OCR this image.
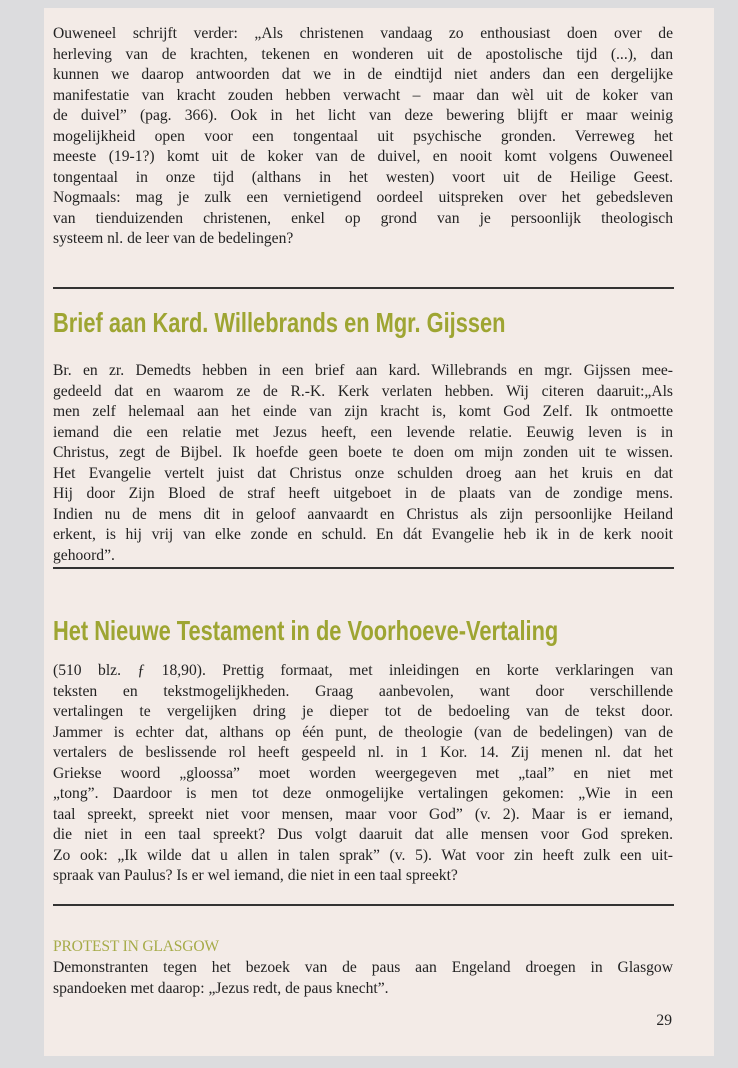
Ouweneel schrijft verder: „Als christenen vandaag zo enthousiast doen over de
herleving van de krachten, tekenen en wonderen uit de apostolische tijd (...), dan
kunnen we daarop antwoorden dat we in de eindtijd niet anders dan een dergelijke
manifestatie van kracht zouden hebben verwacht – maar dan wèl uit de koker van
de duivel” (pag. 366). Ook in het licht van deze bewering blijft er maar weinig
mogelijkheid open voor een tongentaal uit psychische gronden. Verreweg het
meeste (19-1?) komt uit de koker van de duivel, en nooit komt volgens Ouweneel
tongentaal in onze tijd (althans in het westen) voort uit de Heilige Geest.
Nogmaals: mag je zulk een vernietigend oordeel uitspreken over het gebedsleven
van tienduizenden christenen, enkel op grond van je persoonlijk theologisch
systeem nl. de leer van de bedelingen?
Brief aan Kard. Willebrands en Mgr. Gijssen
Br. en zr. Demedts hebben in een brief aan kard. Willebrands en mgr. Gijssen mee-
gedeeld dat en waarom ze de R.-K. Kerk verlaten hebben. Wij citeren daaruit:„Als
men zelf helemaal aan het einde van zijn kracht is, komt God Zelf. Ik ontmoette
iemand die een relatie met Jezus heeft, een levende relatie. Eeuwig leven is in
Christus, zegt de Bijbel. Ik hoefde geen boete te doen om mijn zonden uit te wissen.
Het Evangelie vertelt juist dat Christus onze schulden droeg aan het kruis en dat
Hij door Zijn Bloed de straf heeft uitgeboet in de plaats van de zondige mens.
Indien nu de mens dit in geloof aanvaardt en Christus als zijn persoonlijke Heiland
erkent, is hij vrij van elke zonde en schuld. En dát Evangelie heb ik in de kerk nooit
gehoord”.
Het Nieuwe Testament in de Voorhoeve-Vertaling
(510 blz. ƒ 18,90). Prettig formaat, met inleidingen en korte verklaringen van
teksten en tekstmogelijkheden. Graag aanbevolen, want door verschillende
vertalingen te vergelijken dring je dieper tot de bedoeling van de tekst door.
Jammer is echter dat, althans op één punt, de theologie (van de bedelingen) van de
vertalers de beslissende rol heeft gespeeld nl. in 1 Kor. 14. Zij menen nl. dat het
Griekse woord „gloossa” moet worden weergegeven met „taal” en niet met
„tong”. Daardoor is men tot deze onmogelijke vertalingen gekomen: „Wie in een
taal spreekt, spreekt niet voor mensen, maar voor God” (v. 2). Maar is er iemand,
die niet in een taal spreekt? Dus volgt daaruit dat alle mensen voor God spreken.
Zo ook: „Ik wilde dat u allen in talen sprak” (v. 5). Wat voor zin heeft zulk een uit-
spraak van Paulus? Is er wel iemand, die niet in een taal spreekt?
PROTEST IN GLASGOW
Demonstranten tegen het bezoek van de paus aan Engeland droegen in Glasgow
spandoeken met daarop: „Jezus redt, de paus knecht”.
29
